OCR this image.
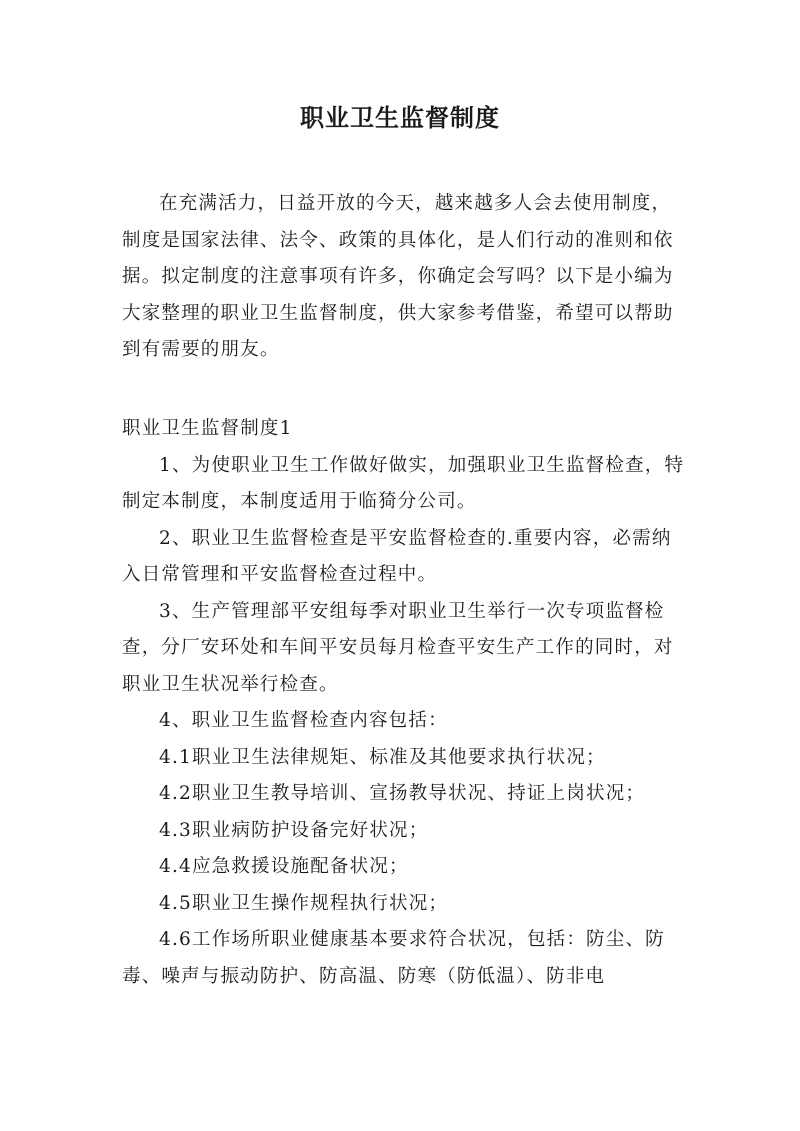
职业卫生监督制度

在充满活力，日益开放的今天，越来越多人会去使用制度，制度是国家法律、法令、政策的具体化，是人们行动的准则和依据。拟定制度的注意事项有许多，你确定会写吗？以下是小编为大家整理的职业卫生监督制度，供大家参考借鉴，希望可以帮助到有需要的朋友。

职业卫生监督制度1

1、为使职业卫生工作做好做实，加强职业卫生监督检查，特制定本制度，本制度适用于临猗分公司。

2、职业卫生监督检查是平安监督检查的.重要内容，必需纳入日常管理和平安监督检查过程中。

3、生产管理部平安组每季对职业卫生举行一次专项监督检查，分厂安环处和车间平安员每月检查平安生产工作的同时，对职业卫生状况举行检查。

4、职业卫生监督检查内容包括：

4.1职业卫生法律规矩、标准及其他要求执行状况；

4.2职业卫生教导培训、宣扬教导状况、持证上岗状况；

4.3职业病防护设备完好状况；

4.4应急救援设施配备状况；

4.5职业卫生操作规程执行状况；

4.6工作场所职业健康基本要求符合状况，包括：防尘、防毒、噪声与振动防护、防高温、防寒（防低温）、防非电
